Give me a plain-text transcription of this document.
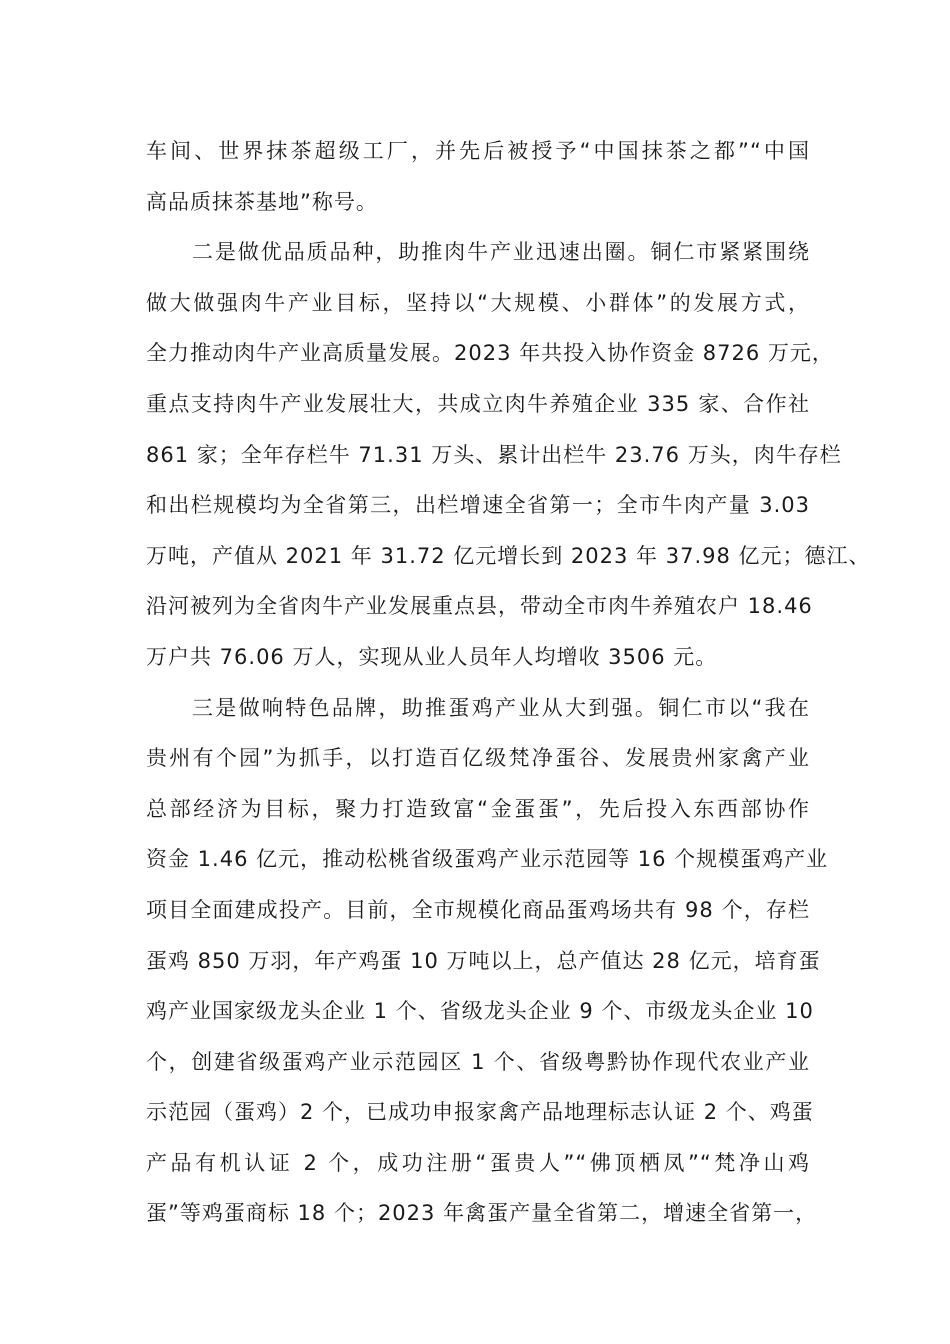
车间、世界抹茶超级工厂，并先后被授予“中国抹茶之都”“中国
高品质抹茶基地”称号。
二是做优品质品种，助推肉牛产业迅速出圈。铜仁市紧紧围绕
做大做强肉牛产业目标，坚持以“大规模、小群体”的发展方式，
全力推动肉牛产业高质量发展。2023 年共投入协作资金 8726 万元，
重点支持肉牛产业发展壮大，共成立肉牛养殖企业 335 家、合作社
861 家；全年存栏牛 71.31 万头、累计出栏牛 23.76 万头，肉牛存栏
和出栏规模均为全省第三，出栏增速全省第一；全市牛肉产量 3.03
万吨，产值从 2021 年 31.72 亿元增长到 2023 年 37.98 亿元；德江、
沿河被列为全省肉牛产业发展重点县，带动全市肉牛养殖农户 18.46
万户共 76.06 万人，实现从业人员年人均增收 3506 元。
三是做响特色品牌，助推蛋鸡产业从大到强。铜仁市以“我在
贵州有个园”为抓手，以打造百亿级梵净蛋谷、发展贵州家禽产业
总部经济为目标，聚力打造致富“金蛋蛋”，先后投入东西部协作
资金 1.46 亿元，推动松桃省级蛋鸡产业示范园等 16 个规模蛋鸡产业
项目全面建成投产。目前，全市规模化商品蛋鸡场共有 98 个，存栏
蛋鸡 850 万羽，年产鸡蛋 10 万吨以上，总产值达 28 亿元，培育蛋
鸡产业国家级龙头企业 1 个、省级龙头企业 9 个、市级龙头企业 10
个，创建省级蛋鸡产业示范园区 1 个、省级粤黔协作现代农业产业
示范园（蛋鸡）2 个，已成功申报家禽产品地理标志认证 2 个、鸡蛋
产品有机认证 2 个，成功注册“蛋贵人”“佛顶栖凤”“梵净山鸡
蛋”等鸡蛋商标 18 个；2023 年禽蛋产量全省第二，增速全省第一，
